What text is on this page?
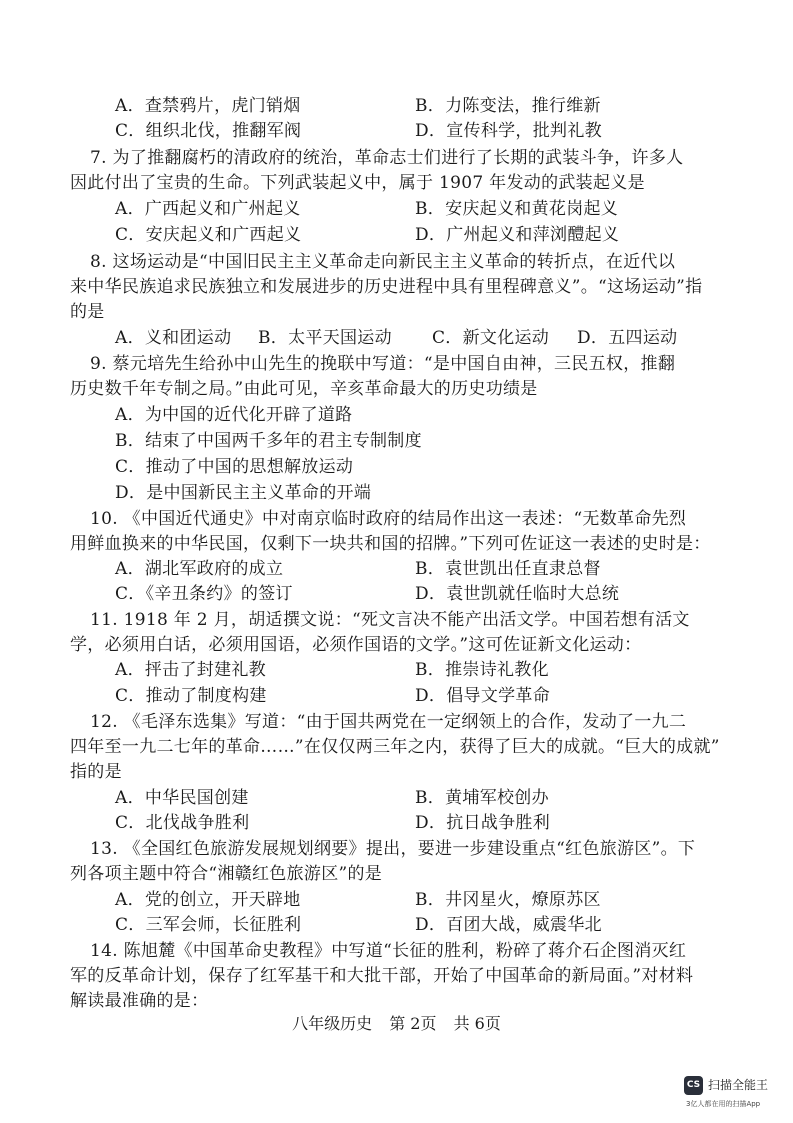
A．查禁鸦片，虎门销烟	B．力陈变法，推行维新
C．组织北伐，推翻军阀	D．宣传科学，批判礼教
7. 为了推翻腐朽的清政府的统治，革命志士们进行了长期的武装斗争，许多人
因此付出了宝贵的生命。下列武装起义中，属于 1907 年发动的武装起义是
A．广西起义和广州起义	B．安庆起义和黄花岗起义
C．安庆起义和广西起义	D．广州起义和萍浏醴起义
8. 这场运动是“中国旧民主主义革命走向新民主主义革命的转折点，在近代以
来中华民族追求民族独立和发展进步的历史进程中具有里程碑意义”。“这场运动”指
的是
A．义和团运动 B．太平天国运动 C．新文化运动 D．五四运动
9. 蔡元培先生给孙中山先生的挽联中写道：“是中国自由神，三民五权，推翻
历史数千年专制之局。”由此可见，辛亥革命最大的历史功绩是
A．为中国的近代化开辟了道路
B．结束了中国两千多年的君主专制制度
C．推动了中国的思想解放运动
D．是中国新民主主义革命的开端
10. 《中国近代通史》中对南京临时政府的结局作出这一表述：“无数革命先烈
用鲜血换来的中华民国，仅剩下一块共和国的招牌。”下列可佐证这一表述的史时是：
A．湖北军政府的成立	B．袁世凯出任直隶总督
C．《辛丑条约》的签订	D．袁世凯就任临时大总统
11. 1918 年 2 月，胡适撰文说：“死文言决不能产出活文学。中国若想有活文
学，必须用白话，必须用国语，必须作国语的文学。”这可佐证新文化运动：
A．抨击了封建礼教	B．推崇诗礼教化
C．推动了制度构建	D．倡导文学革命
12. 《毛泽东选集》写道：“由于国共两党在一定纲领上的合作，发动了一九二
四年至一九二七年的革命……”在仅仅两三年之内，获得了巨大的成就。“巨大的成就”
指的是
A．中华民国创建	B．黄埔军校创办
C．北伐战争胜利	D．抗日战争胜利
13. 《全国红色旅游发展规划纲要》提出，要进一步建设重点“红色旅游区”。下
列各项主题中符合“湘赣红色旅游区”的是
A．党的创立，开天辟地	B．井冈星火，燎原苏区
C．三军会师，长征胜利	D．百团大战，威震华北
14. 陈旭麓《中国革命史教程》中写道“长征的胜利，粉碎了蒋介石企图消灭红
军的反革命计划，保存了红军基干和大批干部，开始了中国革命的新局面。”对材料
解读最准确的是：
八年级历史 第 2页 共 6页
CS 扫描全能王
3亿人都在用的扫描App
